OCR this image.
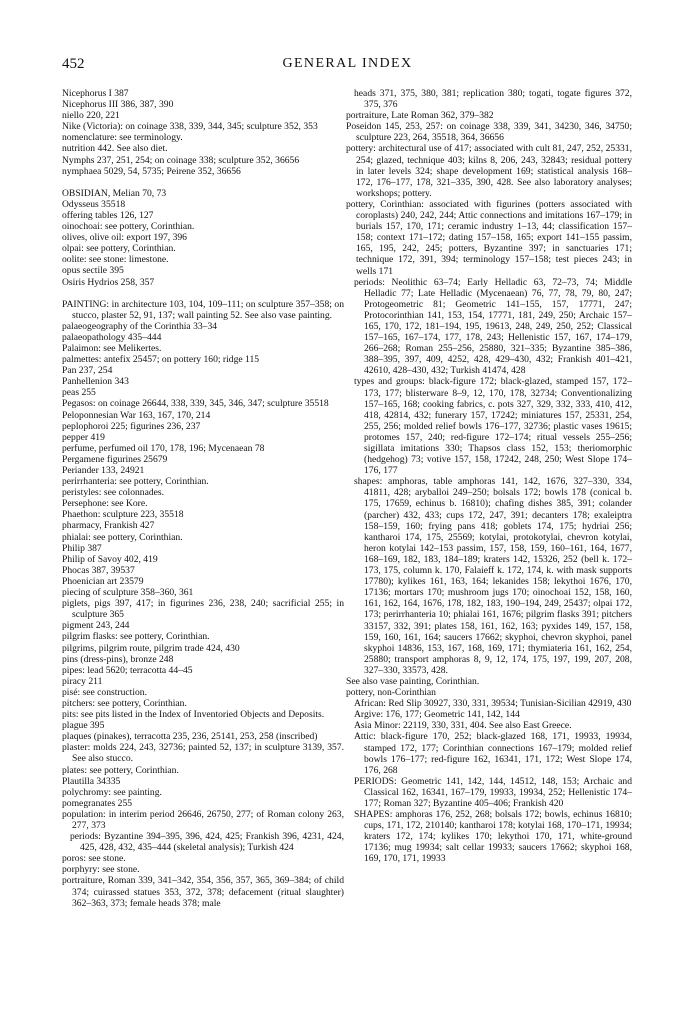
452	GENERAL INDEX
Nicephorus I 387
Nicephorus III 386, 387, 390
niello 220, 221
Nike (Victoria): on coinage 338, 339, 344, 345; sculpture 352, 353
nomenclature: see terminology.
nutrition 442. See also diet.
Nymphs 237, 251, 254; on coinage 338; sculpture 352, 36656
nymphaea 5029, 54, 5735; Peirene 352, 36656
OBSIDIAN, Melian 70, 73
Odysseus 35518
offering tables 126, 127
oinochoai: see pottery, Corinthian.
olives, olive oil: export 197, 396
olpai: see pottery, Corinthian.
oolite: see stone: limestone.
opus sectile 395
Osiris Hydrios 258, 357
PAINTING: in architecture 103, 104, 109–111; on sculpture 357–358; on stucco, plaster 52, 91, 137; wall painting 52. See also vase painting.
palaeogeography of the Corinthia 33–34
palaeopathology 435–444
Palaimon: see Melikertes.
palmettes: antefix 25457; on pottery 160; ridge 115
Pan 237, 254
Panhellenion 343
peas 255
Pegasos: on coinage 26644, 338, 339, 345, 346, 347; sculpture 35518
Peloponnesian War 163, 167, 170, 214
peplophoroi 225; figurines 236, 237
pepper 419
perfume, perfumed oil 170, 178, 196; Mycenaean 78
Pergamene figurines 25679
Periander 133, 24921
perirrhanteria: see pottery, Corinthian.
peristyles: see colonnades.
Persephone: see Kore.
Phaethon: sculpture 223, 35518
pharmacy, Frankish 427
phialai: see pottery, Corinthian.
Philip 387
Philip of Savoy 402, 419
Phocas 387, 39537
Phoenician art 23579
piecing of sculpture 358–360, 361
piglets, pigs 397, 417; in figurines 236, 238, 240; sacrificial 255; in sculpture 365
pigment 243, 244
pilgrim flasks: see pottery, Corinthian.
pilgrims, pilgrim route, pilgrim trade 424, 430
pins (dress-pins), bronze 248
pipes: lead 5620; terracotta 44–45
piracy 211
pisé: see construction.
pitchers: see pottery, Corinthian.
pits: see pits listed in the Index of Inventoried Objects and Deposits.
plague 395
plaques (pinakes), terracotta 235, 236, 25141, 253, 258 (inscribed)
plaster: molds 224, 243, 32736; painted 52, 137; in sculpture 3139, 357. See also stucco.
plates: see pottery, Corinthian.
Plautilla 34335
polychromy: see painting.
pomegranates 255
population: in interim period 26646, 26750, 277; of Roman colony 263, 277, 373
periods: Byzantine 394–395, 396, 424, 425; Frankish 396, 4231, 424, 425, 428, 432, 435–444 (skeletal analysis); Turkish 424
poros: see stone.
porphyry: see stone.
portraiture, Roman 339, 341–342, 354, 356, 357, 365, 369–384; of child 374; cuirassed statues 353, 372, 378; defacement (ritual slaughter) 362–363, 373; female heads 378; male
heads 371, 375, 380, 381; replication 380; togati, togate figures 372, 375, 376
portraiture, Late Roman 362, 379–382
Poseidon 145, 253, 257: on coinage 338, 339, 341, 34230, 346, 34750; sculpture 223, 264, 35518, 364, 36656
pottery: architectural use of 417; associated with cult 81, 247, 252, 25331, 254; glazed, technique 403; kilns 8, 206, 243, 32843; residual pottery in later levels 324; shape development 169; statistical analysis 168–172, 176–177, 178, 321–335, 390, 428. See also laboratory analyses; workshops; pottery.
pottery, Corinthian: associated with figurines (potters associated with coroplasts) 240, 242, 244; Attic connections and imitations 167–179; in burials 157, 170, 171; ceramic industry 1–13, 44; classification 157–158; context 171–172; dating 157–158, 165; export 141–155 passim, 165, 195, 242, 245; potters, Byzantine 397; in sanctuaries 171; technique 172, 391, 394; terminology 157–158; test pieces 243; in wells 171
periods: Neolithic 63–74; Early Helladic 63, 72–73, 74; Middle Helladic 77; Late Helladic (Mycenaean) 76, 77, 78, 79, 80, 247; Protogeometric 81; Geometric 141–155, 157, 17771, 247; Protocorinthian 141, 153, 154, 17771, 181, 249, 250; Archaic 157–165, 170, 172, 181–194, 195, 19613, 248, 249, 250, 252; Classical 157–165, 167–174, 177, 178, 243; Hellenistic 157, 167, 174–179, 266–268; Roman 255–256, 25880, 321–335; Byzantine 385–386, 388–395, 397, 409, 4252, 428, 429–430, 432; Frankish 401–421, 42610, 428–430, 432; Turkish 41474, 428
types and groups: black-figure 172; black-glazed, stamped 157, 172–173, 177; blisterware 8–9, 12, 170, 178, 32734; Conventionalizing 157–165, 168; cooking fabrics, c. pots 327, 329, 332, 333, 410, 412, 418, 42814, 432; funerary 157, 17242; miniatures 157, 25331, 254, 255, 256; molded relief bowls 176–177, 32736; plastic vases 19615; protomes 157, 240; red-figure 172–174; ritual vessels 255–256; sigillata imitations 330; Thapsos class 152, 153; theriomorphic (hedgehog) 73; votive 157, 158, 17242, 248, 250; West Slope 174–176, 177
shapes: amphoras, table amphoras 141, 142, 1676, 327–330, 334, 41811, 428; aryballoi 249–250; bolsals 172; bowls 178 (conical b. 175, 17659, echinus b. 16810); chafing dishes 385, 391; colander (parcher) 432, 433; cups 172, 247, 391; decanters 178; exaleiptra 158–159, 160; frying pans 418; goblets 174, 175; hydriai 256; kantharoi 174, 175, 25569; kotylai, protokotylai, chevron kotylai, heron kotylai 142–153 passim, 157, 158, 159, 160–161, 164, 1677, 168–169, 182, 183, 184–189; kraters 142, 15326, 252 (bell k. 172–173, 175, column k. 170, Falaieff k. 172, 174, k. with mask supports 17780); kylikes 161, 163, 164; lekanides 158; lekythoi 1676, 170, 17136; mortars 170; mushroom jugs 170; oinochoai 152, 158, 160, 161, 162, 164, 1676, 178, 182, 183, 190–194, 249, 25437; olpai 172, 173; perirrhanteria 10; phialai 161, 1676; pilgrim flasks 391; pitchers 33157, 332, 391; plates 158, 161, 162, 163; pyxides 149, 157, 158, 159, 160, 161, 164; saucers 17662; skyphoi, chevron skyphoi, panel skyphoi 14836, 153, 167, 168, 169, 171; thymiateria 161, 162, 254, 25880; transport amphoras 8, 9, 12, 174, 175, 197, 199, 207, 208, 327–330, 33573, 428.
See also vase painting, Corinthian.
pottery, non-Corinthian
African: Red Slip 30927, 330, 331, 39534; Tunisian-Sicilian 42919, 430
Argive: 176, 177; Geometric 141, 142, 144
Asia Minor: 22119, 330, 331, 404. See also East Greece.
Attic: black-figure 170, 252; black-glazed 168, 171, 19933, 19934, stamped 172, 177; Corinthian connections 167–179; molded relief bowls 176–177; red-figure 162, 16341, 171, 172; West Slope 174, 176, 268
PERIODS: Geometric 141, 142, 144, 14512, 148, 153; Archaic and Classical 162, 16341, 167–179, 19933, 19934, 252; Hellenistic 174–177; Roman 327; Byzantine 405–406; Frankish 420
SHAPES: amphoras 176, 252, 268; bolsals 172; bowls, echinus 16810; cups, 171, 172, 210140; kantharoi 178; kotylai 168, 170–171, 19934; kraters 172, 174; kylikes 170; lekythoi 170, 171, white-ground 17136; mug 19934; salt cellar 19933; saucers 17662; skyphoi 168, 169, 170, 171, 19933
